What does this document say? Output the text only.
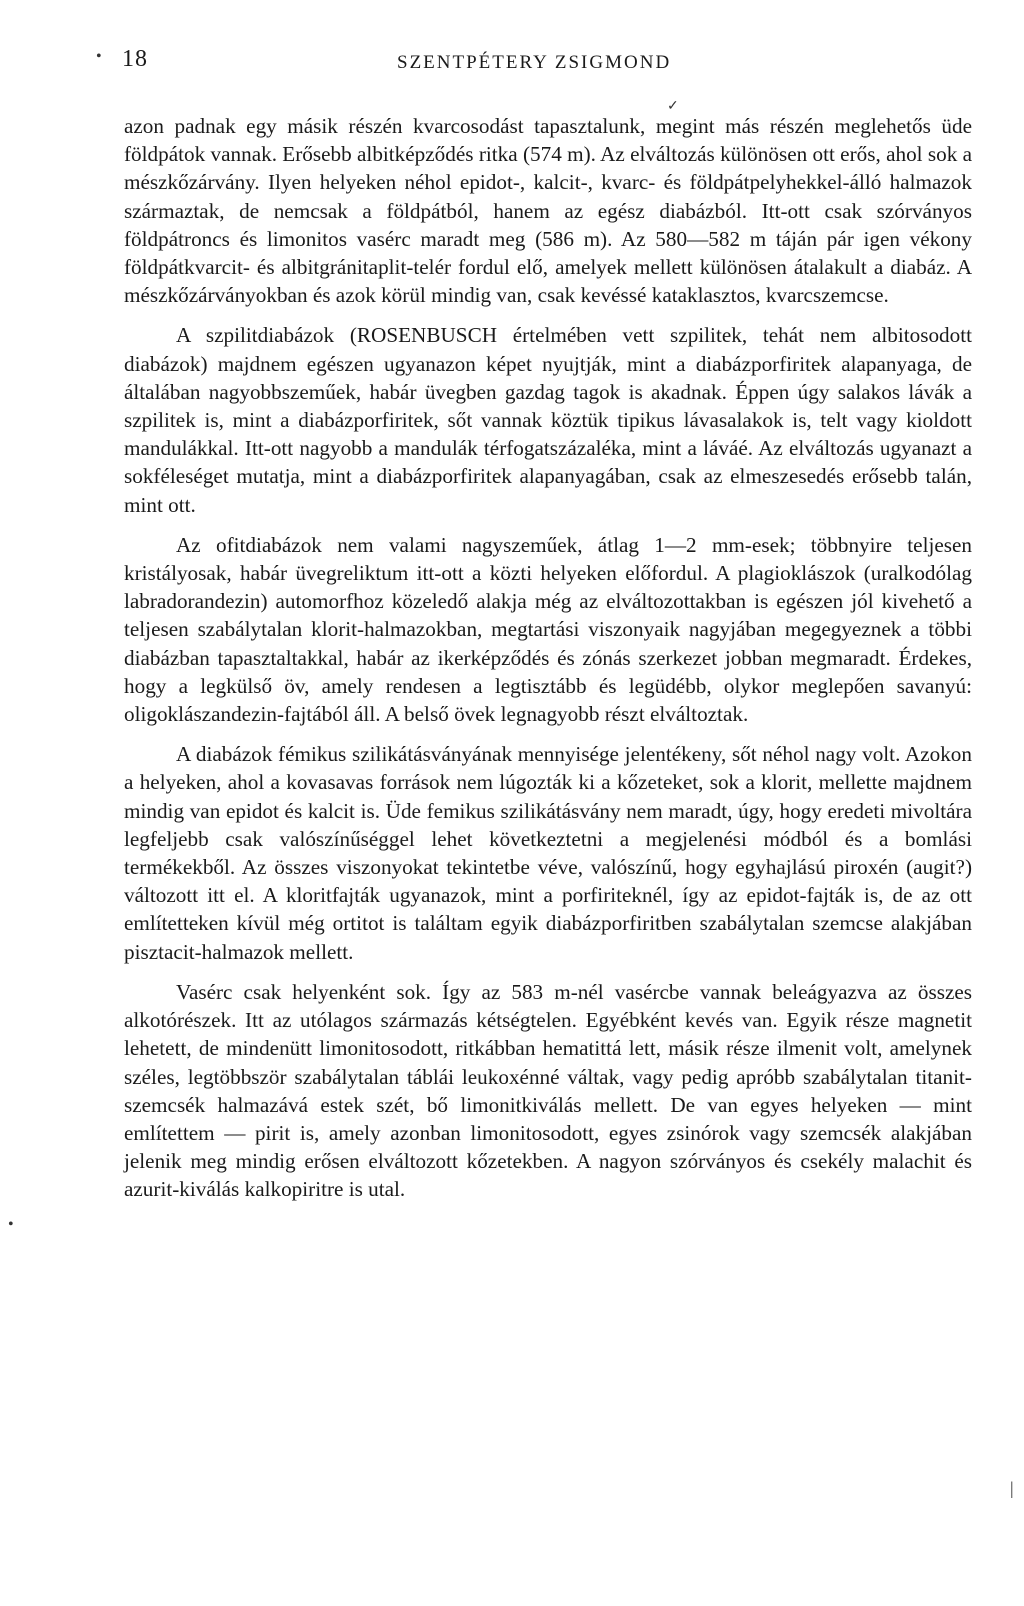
•
✓
•
|
18	SZENTPÉTERY ZSIGMOND

azon padnak egy másik részén kvarcosodást tapasztalunk, megint más részén meglehetős üde földpátok vannak. Erősebb albitképződés ritka (574 m). Az elváltozás különösen ott erős, ahol sok a mészkőzárvány. Ilyen helyeken néhol epidot-, kalcit-, kvarc- és földpátpelyhekkel-álló halmazok származtak, de nemcsak a földpátból, hanem az egész diabázból. Itt-ott csak szórványos földpátroncs és limonitos vasérc maradt meg (586 m). Az 580—582 m táján pár igen vékony földpátkvarcit- és albitgránitaplit-telér fordul elő, amelyek mellett különösen átalakult a diabáz. A mészkőzárványokban és azok körül mindig van, csak kevéssé kataklasztos, kvarcszemcse.

A szpilitdiabázok (ROSENBUSCH értelmében vett szpilitek, tehát nem albitosodott diabázok) majdnem egészen ugyanazon képet nyujtják, mint a diabázporfiritek alapanyaga, de általában nagyobbszeműek, habár üvegben gazdag tagok is akadnak. Éppen úgy salakos lávák a szpilitek is, mint a diabázporfiritek, sőt vannak köztük tipikus lávasalakok is, telt vagy kioldott mandulákkal. Itt-ott nagyobb a mandulák térfogatszázaléka, mint a láváé. Az elváltozás ugyanazt a sokféleséget mutatja, mint a diabázporfiritek alapanyagában, csak az elmeszesedés erősebb talán, mint ott.

Az ofitdiabázok nem valami nagyszeműek, átlag 1—2 mm-esek; többnyire teljesen kristályosak, habár üvegreliktum itt-ott a közti helyeken előfordul. A plagioklászok (uralkodólag labradorandezin) automorfhoz közeledő alakja még az elváltozottakban is egészen jól kivehető a teljesen szabálytalan klorit-halmazokban, megtartási viszonyaik nagyjában megegyeznek a többi diabázban tapasztaltakkal, habár az ikerképződés és zónás szerkezet jobban megmaradt. Érdekes, hogy a legkülső öv, amely rendesen a legtisztább és legüdébb, olykor meglepően savanyú: oligoklászandezin-fajtából áll. A belső övek legnagyobb részt elváltoztak.

A diabázok fémikus szilikátásványának mennyisége jelentékeny, sőt néhol nagy volt. Azokon a helyeken, ahol a kovasavas források nem lúgozták ki a kőzeteket, sok a klorit, mellette majdnem mindig van epidot és kalcit is. Üde femikus szilikátásvány nem maradt, úgy, hogy eredeti mivoltára legfeljebb csak valószínűséggel lehet következtetni a megjelenési módból és a bomlási termékekből. Az összes viszonyokat tekintetbe véve, valószínű, hogy egyhajlású piroxén (augit?) változott itt el. A kloritfajták ugyanazok, mint a porfiriteknél, így az epidot-fajták is, de az ott említetteken kívül még ortitot is találtam egyik diabázporfiritben szabálytalan szemcse alakjában pisztacit-halmazok mellett.

Vasérc csak helyenként sok. Így az 583 m-nél vasércbe vannak beleágyazva az összes alkotórészek. Itt az utólagos származás kétségtelen. Egyébként kevés van. Egyik része magnetit lehetett, de mindenütt limonitosodott, ritkábban hematittá lett, másik része ilmenit volt, amelynek széles, legtöbbször szabálytalan táblái leukoxénné váltak, vagy pedig apróbb szabálytalan titanit-szemcsék halmazává estek szét, bő limonitkiválás mellett. De van egyes helyeken — mint említettem — pirit is, amely azonban limonitosodott, egyes zsinórok vagy szemcsék alakjában jelenik meg mindig erősen elváltozott kőzetekben. A nagyon szórványos és csekély malachit és azurit-kiválás kalkopiritre is utal.
